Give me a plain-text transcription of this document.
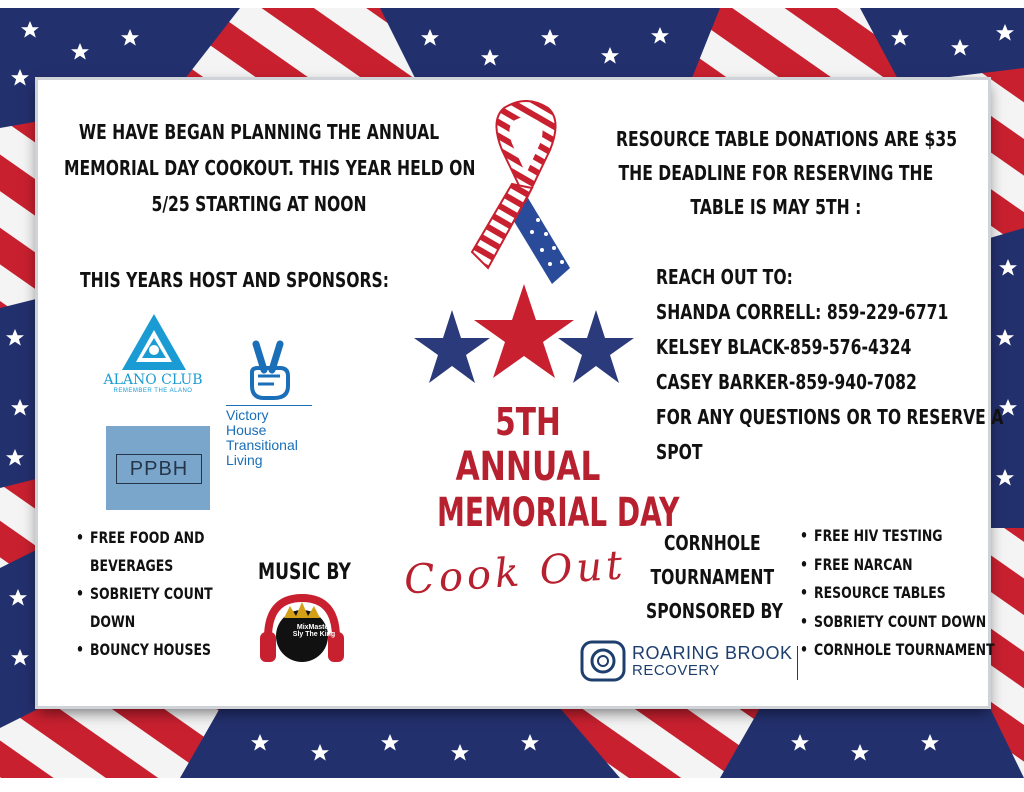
WE HAVE BEGAN PLANNING THE ANNUAL
MEMORIAL DAY COOKOUT. THIS YEAR HELD ON
5/25 STARTING AT NOON
THIS YEARS HOST AND SPONSORS:
ALANO CLUB
REMEMBER THE ALANO
Victory
House
Transitional
Living
PPBH
5TH
ANNUAL
MEMORIAL DAY
Cook Out
RESOURCE TABLE DONATIONS ARE $35
THE DEADLINE FOR RESERVING THE
TABLE IS MAY 5TH :
REACH OUT TO:
SHANDA CORRELL: 859-229-6771
KELSEY BLACK-859-576-4324
CASEY BARKER-859-940-7082
FOR ANY QUESTIONS OR TO RESERVE A
SPOT
• FREE FOOD AND
BEVERAGES
• SOBRIETY COUNT
DOWN
• BOUNCY HOUSES
MUSIC BY
MixMaster
Sly The King
CORNHOLE
TOURNAMENT
SPONSORED BY
ROARING BROOK
RECOVERY
• FREE HIV TESTING
• FREE NARCAN
• RESOURCE TABLES
• SOBRIETY COUNT DOWN
• CORNHOLE TOURNAMENT
